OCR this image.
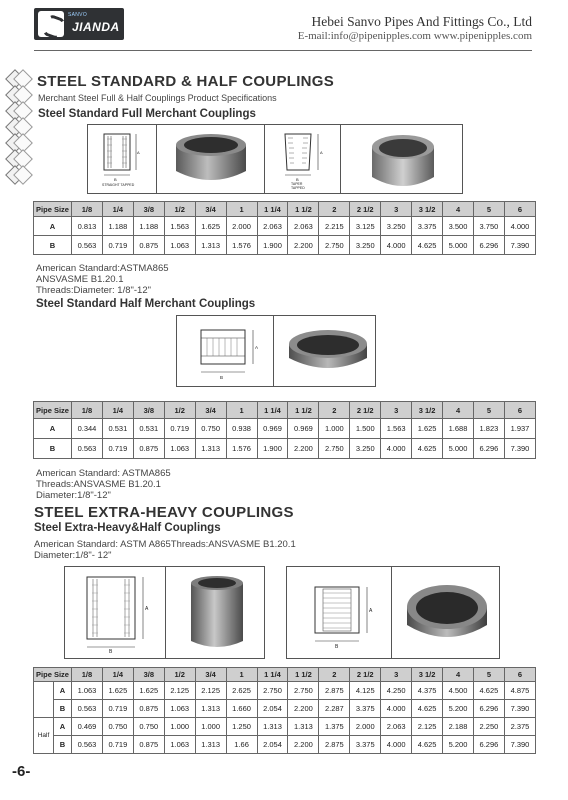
SANVO
JIANDA	Hebei Sanvo Pipes And Fittings Co., Ltd
E-mail:info@pipenipples.com www.pipenipples.com
STEEL STANDARD & HALF COUPLINGS
Merchant Steel Full & Half Couplings Product Specifications
Steel Standard Full Merchant Couplings
B
A
STRAIGHT TAPPED
B
A
TAPER TAPPED
Pipe Size	1/8	1/4	3/8	1/2	3/4	1	1 1/4	1 1/2	2	2 1/2	3	3 1/2	4	5	6
A	0.813	1.188	1.188	1.563	1.625	2.000	2.063	2.063	2.215	3.125	3.250	3.375	3.500	3.750	4.000
B	0.563	0.719	0.875	1.063	1.313	1.576	1.900	2.200	2.750	3.250	4.000	4.625	5.000	6.296	7.390
American Standard:ASTMA865
ANSVASME B1.20.1
Threads:Diameter: 1/8"-12"
Steel Standard Half Merchant Couplings
B
A
Pipe Size	1/8	1/4	3/8	1/2	3/4	1	1 1/4	1 1/2	2	2 1/2	3	3 1/2	4	5	6
A	0.344	0.531	0.531	0.719	0.750	0.938	0.969	0.969	1.000	1.500	1.563	1.625	1.688	1.823	1.937
B	0.563	0.719	0.875	1.063	1.313	1.576	1.900	2.200	2.750	3.250	4.000	4.625	5.000	6.296	7.390
American Standard: ASTMA865
Threads:ANSVASME B1.20.1
Diameter:1/8"-12"
STEEL EXTRA-HEAVY COUPLINGS
Steel Extra-Heavy&Half Couplings
American Standard: ASTM A865Threads:ANSVASME B1.20.1
Diameter:1/8"- 12"
B
A
B
A
Pipe Size		1/8	1/4	3/8	1/2	3/4	1	1 1/4	1 1/2	2	2 1/2	3	3 1/2	4	5	6
	A	1.063	1.625	1.625	2.125	2.125	2.625	2.750	2.750	2.875	4.125	4.250	4.375	4.500	4.625	4.875
	B	0.563	0.719	0.875	1.063	1.313	1.660	2.054	2.200	2.287	3.375	4.000	4.625	5.200	6.296	7.390
Half	A	0.469	0.750	0.750	1.000	1.000	1.250	1.313	1.313	1.375	2.000	2.063	2.125	2.188	2.250	2.375
	B	0.563	0.719	0.875	1.063	1.313	1.66	2.054	2.200	2.875	3.375	4.000	4.625	5.200	6.296	7.390
-6-
